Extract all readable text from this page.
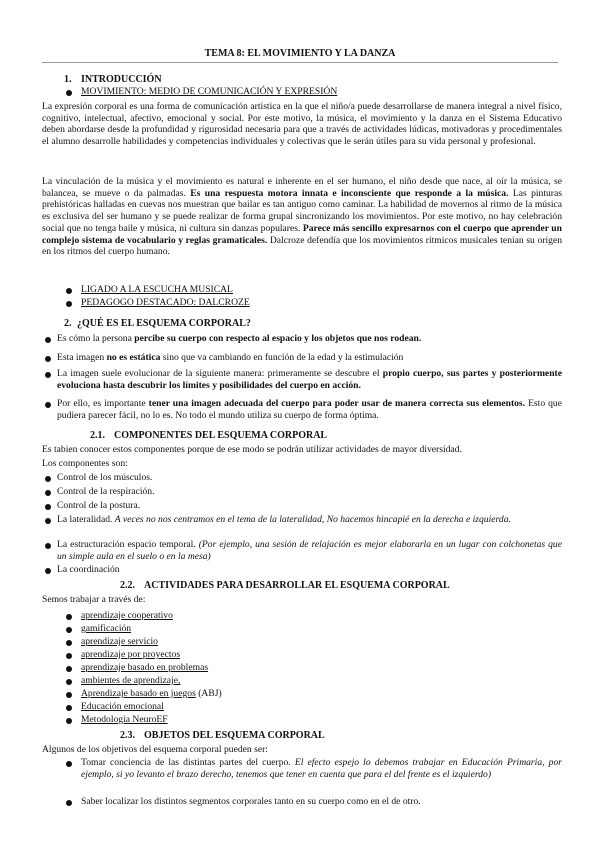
TEMA 8: EL MOVIMIENTO Y LA DANZA
1. INTRODUCCIÓN
MOVIMIENTO: MEDIO DE COMUNICACIÓN Y EXPRESIÓN

La expresión corporal es una forma de comunicación artística en la que el niño/a puede desarrollarse de manera integral a nivel físico, cognitivo, intelectual, afectivo, emocional y social. Por este motivo, la música, el movimiento y la danza en el Sistema Educativo deben abordarse desde la profundidad y rigurosidad necesaria para que a través de actividades lúdicas, motivadoras y procedimentales el alumno desarrolle habilidades y competencias individuales y colectivas que le serán útiles para su vida personal y profesional.

La vinculación de la música y el movimiento es natural e inherente en el ser humano, el niño desde que nace, al oír la música, se balancea, se mueve o da palmadas. Es una respuesta motora innata e inconsciente que responde a la música. Las pinturas prehistóricas halladas en cuevas nos muestran que bailar es tan antiguo como caminar. La habilidad de movernos al ritmo de la música es exclusiva del ser humano y se puede realizar de forma grupal sincronizando los movimientos. Por este motivo, no hay celebración social que no tenga baile y música, ni cultura sin danzas populares. Parece más sencillo expresarnos con el cuerpo que aprender un complejo sistema de vocabulario y reglas gramaticales. Dalcroze defendía que los movimientos rítmicos musicales tenían su origen en los ritmos del cuerpo humano.

LIGADO A LA ESCUCHA MUSICAL
PEDAGOGO DESTACADO: DALCROZE
2. ¿QUÉ ES EL ESQUEMA CORPORAL?

Es cómo la persona percibe su cuerpo con respecto al espacio y los objetos que nos rodean.

Esta imagen no es estática sino que va cambiando en función de la edad y la estimulación

La imagen suele evolucionar de la siguiente manera: primeramente se descubre el propio cuerpo, sus partes y posteriormente evoluciona hasta descubrir los límites y posibilidades del cuerpo en acción.

Por ello, es importante tener una imagen adecuada del cuerpo para poder usar de manera correcta sus elementos. Esto que pudiera parecer fácil, no lo es. No todo el mundo utiliza su cuerpo de forma óptima.

2.1. COMPONENTES DEL ESQUEMA CORPORAL

Es tabien conocer estos componentes porque de ese modo se podrán utilizar actividades de mayor diversidad.

Los componentes son:

Control de los músculos.
Control de la respiración.
Control de la postura.

La lateralidad. A veces no nos centramos en el tema de la lateralidad, No hacemos hincapié en la derecha e izquierda.

La estructuración espacio temporal. (Por ejemplo, una sesión de relajación es mejor elaborarla en un lugar con colchonetas que un simple aula en el suelo o en la mesa)

La coordinación
2.2. ACTIVIDADES PARA DESARROLLAR EL ESQUEMA CORPORAL

Semos trabajar a través de:

aprendizaje cooperativo
gamificación
aprendizaje servicio
aprendizaje por proyectos
aprendizaje basado en problemas
ambientes de aprendizaje,
Aprendizaje basado en juegos (ABJ)
Educación emocional
Metodología NeuroEF
2.3. OBJETOS DEL ESQUEMA CORPORAL

Algunos de los objetivos del esquema corporal pueden ser:

Tomar conciencia de las distintas partes del cuerpo. El efecto espejo lo debemos trabajar en Educación Primaria, por ejemplo, si yo levanto el brazo derecho, tenemos que tener en cuenta que para el del frente es el izquierdo)

Saber localizar los distintos segmentos corporales tanto en su cuerpo como en el de otro.
